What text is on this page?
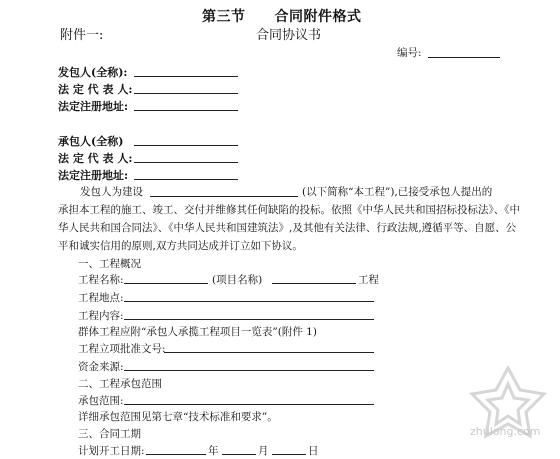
第三节　　合同附件格式
附件一:	合同协议书
编号:
发包人(全称):
法 定 代 表 人:
法定注册地址:
承包人(全称)
法 定 代 表 人:
法定注册地址:
发包人为建设	(以下简称“本工程”),已接受承包人提出的
承担本工程的施工、竣工、交付并维修其任何缺陷的投标。依照《中华人民共和国招标投标法》、《中
华人民共和国合同法》、《中华人民共和国建筑法》,及其他有关法律、行政法规,遵循平等、自愿、公
平和诚实信用的原则,双方共同达成并订立如下协议。
一、工程概况
工程名称:	(项目名称)	工程
工程地点:
工程内容:
群体工程应附“承包人承揽工程项目一览表”(附件 1)
工程立项批准文号:
资金来源:
二、工程承包范围
承包范围:
详细承包范围见第七章“技术标准和要求”。
三、合同工期
计划开工日期:	年	月	日
zhulong.com
